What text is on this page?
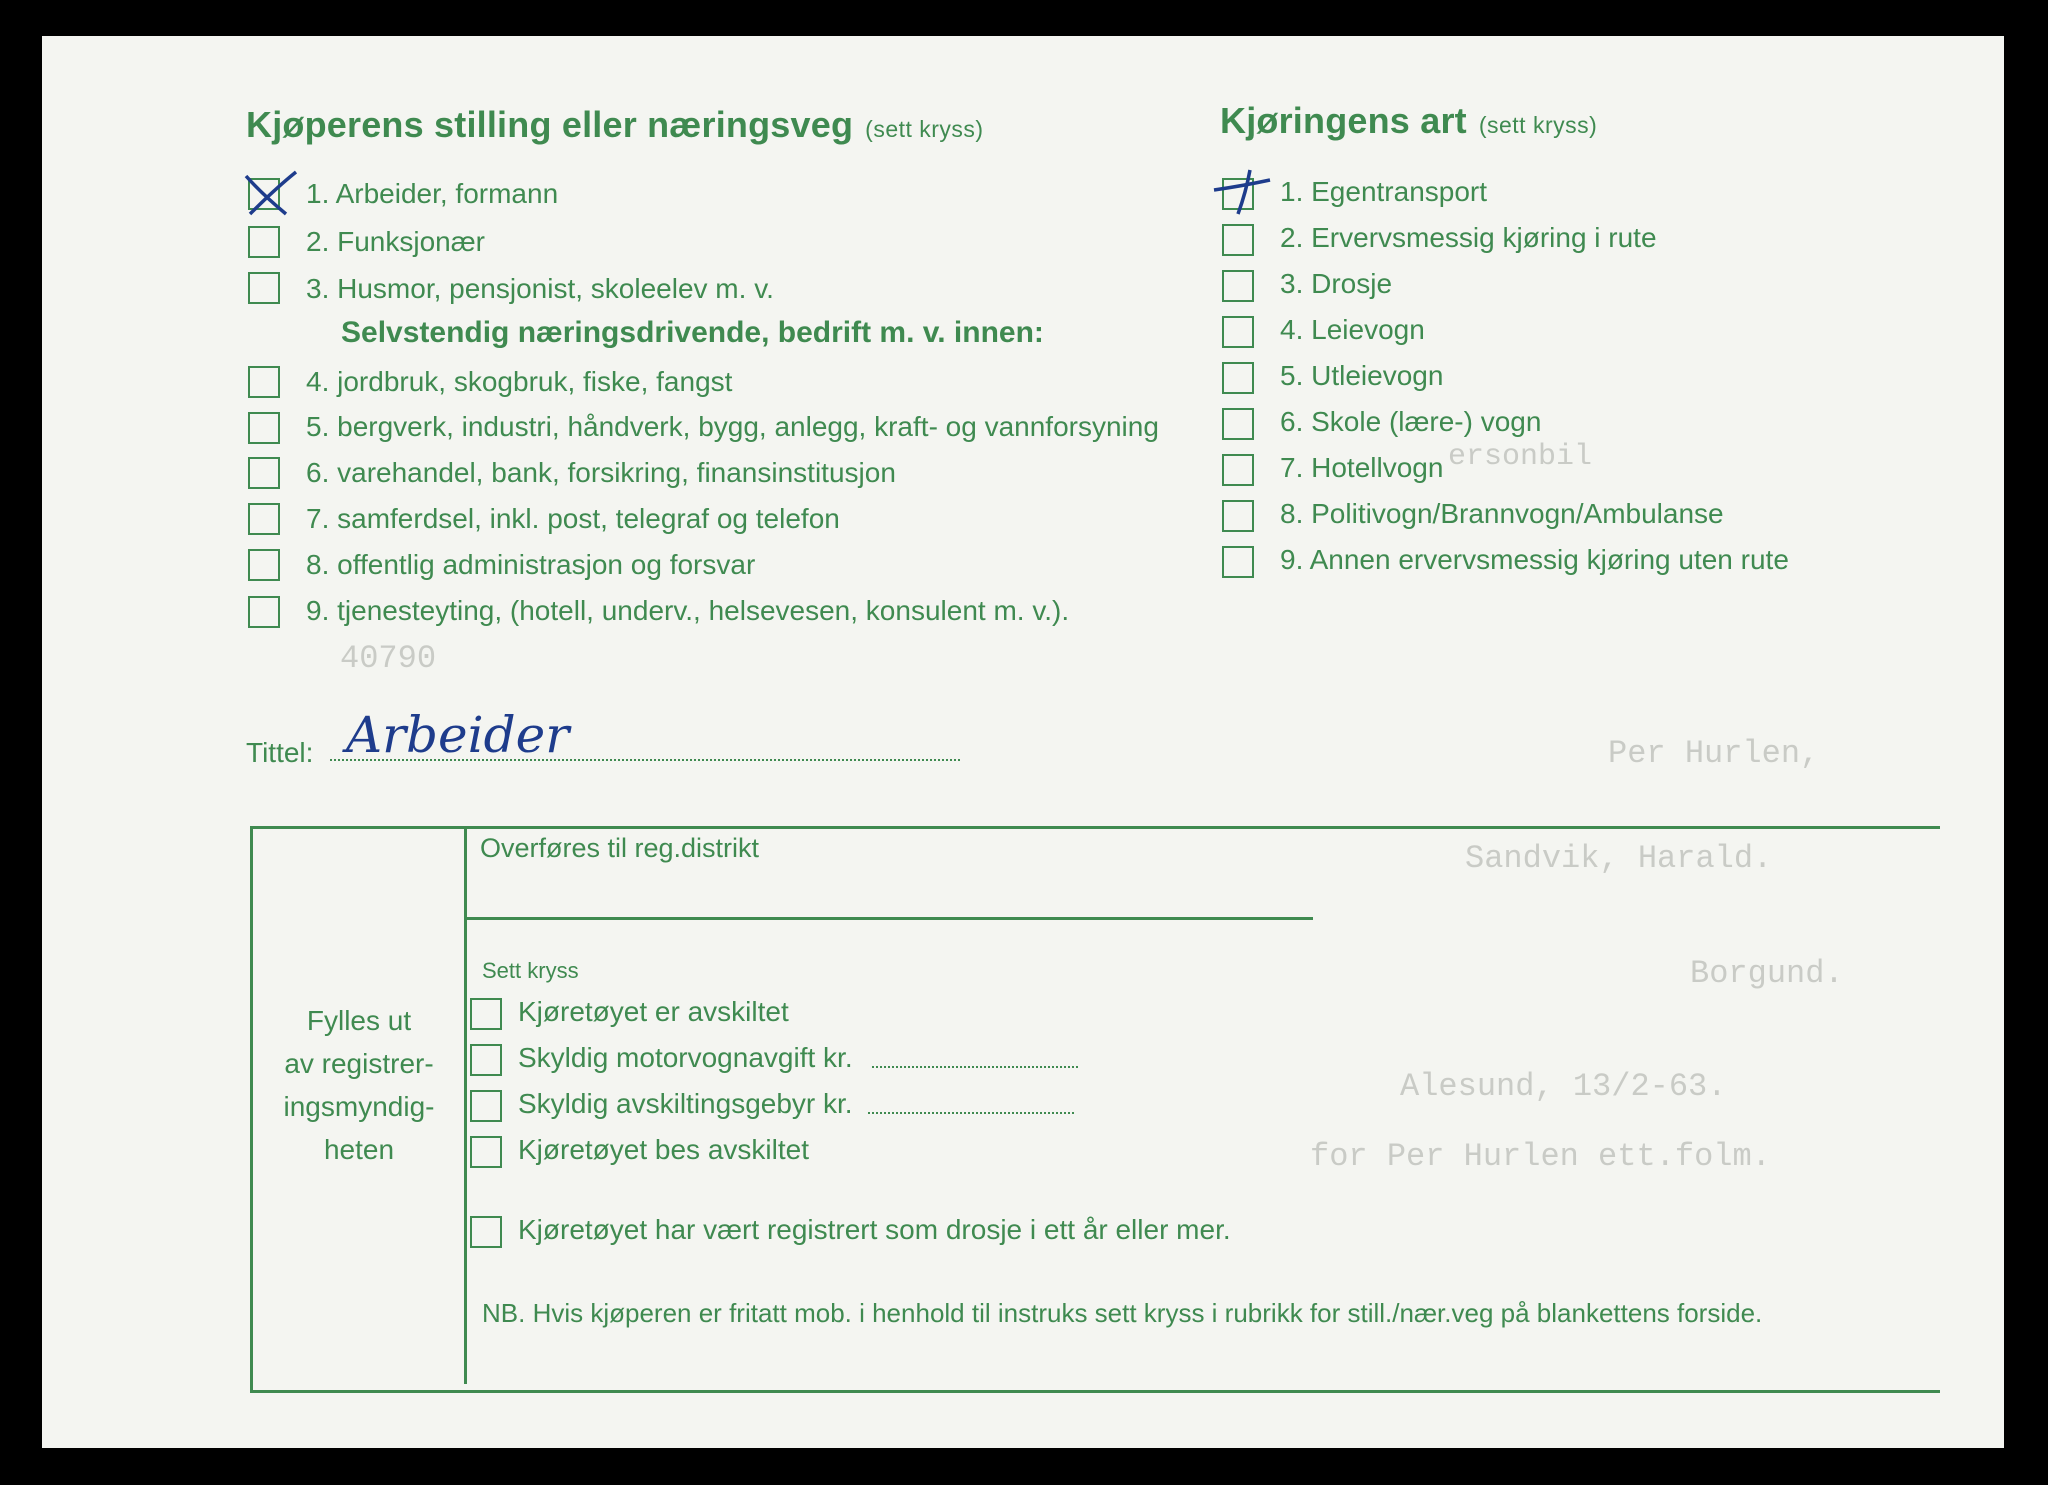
ersonbil
40790
Per Hurlen,
Sandvik, Harald.
Borgund.
Alesund, 13/2-63.
for Per Hurlen ett.folm.
Kjøperens stilling eller næringsveg (sett kryss)
1. Arbeider, formann
2. Funksjonær
3. Husmor, pensjonist, skoleelev m. v.
Selvstendig næringsdrivende, bedrift m. v. innen:
4. jordbruk, skogbruk, fiske, fangst
5. bergverk, industri, håndverk, bygg, anlegg, kraft- og vannforsyning
6. varehandel, bank, forsikring, finansinstitusjon
7. samferdsel, inkl. post, telegraf og telefon
8. offentlig administrasjon og forsvar
9. tjenesteyting, (hotell, underv., helsevesen, konsulent m. v.).
Kjøringens art (sett kryss)
1. Egentransport
2. Ervervsmessig kjøring i rute
3. Drosje
4. Leievogn
5. Utleievogn
6. Skole (lære-) vogn
7. Hotellvogn
8. Politivogn/Brannvogn/Ambulanse
9. Annen ervervsmessig kjøring uten rute
Tittel: Arbeider
Fylles ut
av registrer-
ingsmyndig-
heten
Overføres til reg.distrikt
Sett kryss
Kjøretøyet er avskiltet
Skyldig motorvognavgift kr.
Skyldig avskiltingsgebyr kr.
Kjøretøyet bes avskiltet
Kjøretøyet har vært registrert som drosje i ett år eller mer.
NB. Hvis kjøperen er fritatt mob. i henhold til instruks sett kryss i rubrikk for still./nær.veg på blankettens forside.
